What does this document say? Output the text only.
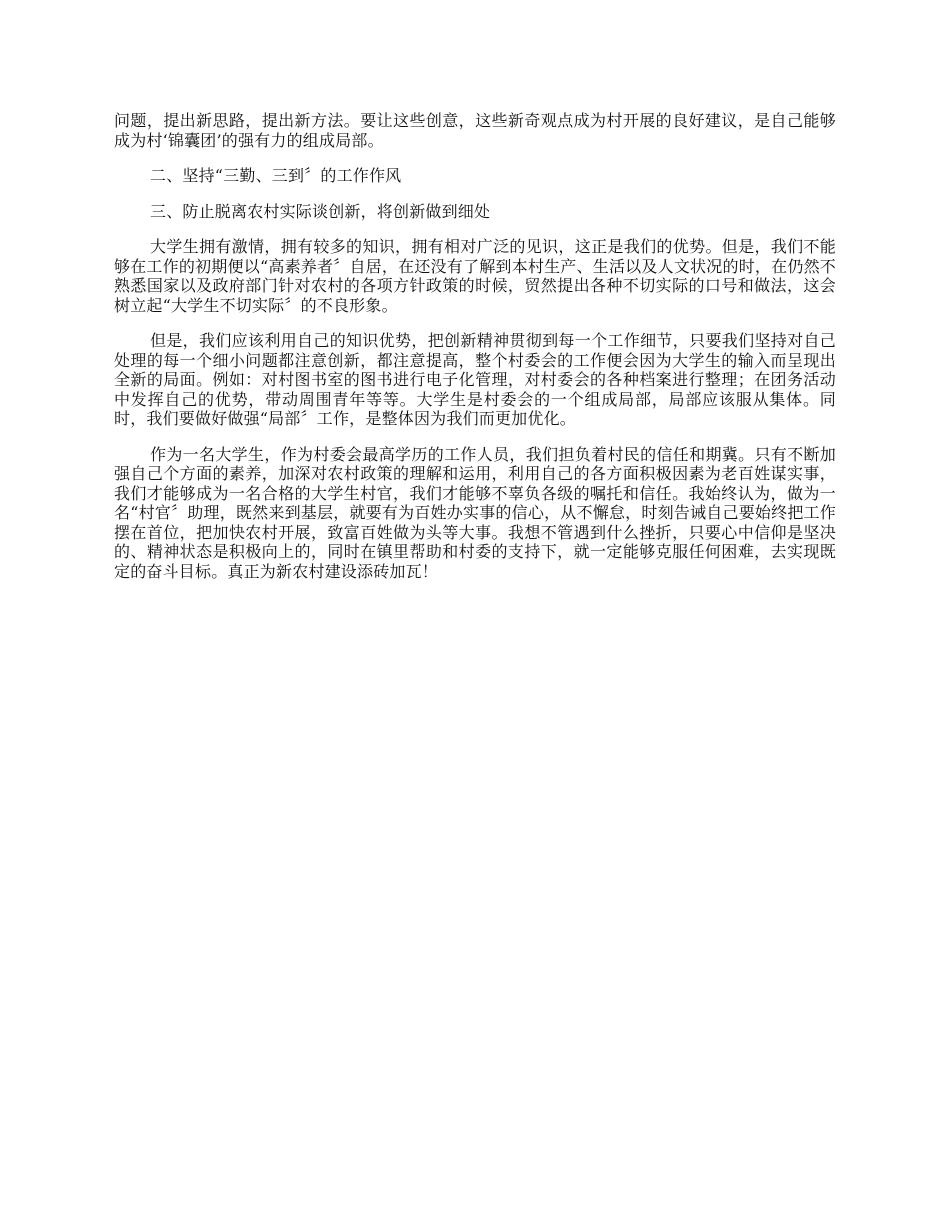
问题，提出新思路，提出新方法。要让这些创意，这些新奇观点成为村开展的良好建议，是自己能够成为村‘锦囊团’的强有力的组成局部。

二、坚持“三勤、三到〞的工作作风

三、防止脱离农村实际谈创新，将创新做到细处

大学生拥有激情，拥有较多的知识，拥有相对广泛的见识，这正是我们的优势。但是，我们不能够在工作的初期便以“高素养者〞自居，在还没有了解到本村生产、生活以及人文状况的时，在仍然不熟悉国家以及政府部门针对农村的各项方针政策的时候，贸然提出各种不切实际的口号和做法，这会树立起“大学生不切实际〞的不良形象。

但是，我们应该利用自己的知识优势，把创新精神贯彻到每一个工作细节，只要我们坚持对自己处理的每一个细小问题都注意创新，都注意提高，整个村委会的工作便会因为大学生的输入而呈现出全新的局面。例如：对村图书室的图书进行电子化管理，对村委会的各种档案进行整理；在团务活动中发挥自己的优势，带动周围青年等等。大学生是村委会的一个组成局部，局部应该服从集体。同时，我们要做好做强“局部〞工作，是整体因为我们而更加优化。

作为一名大学生，作为村委会最高学历的工作人员，我们担负着村民的信任和期冀。只有不断加强自己个方面的素养，加深对农村政策的理解和运用，利用自己的各方面积极因素为老百姓谋实事，我们才能够成为一名合格的大学生村官，我们才能够不辜负各级的嘱托和信任。我始终认为，做为一名“村官〞助理，既然来到基层，就要有为百姓办实事的信心，从不懈怠，时刻告诫自己要始终把工作摆在首位，把加快农村开展，致富百姓做为头等大事。我想不管遇到什么挫折，只要心中信仰是坚决的、精神状态是积极向上的，同时在镇里帮助和村委的支持下，就一定能够克服任何困难，去实现既定的奋斗目标。真正为新农村建设添砖加瓦！
